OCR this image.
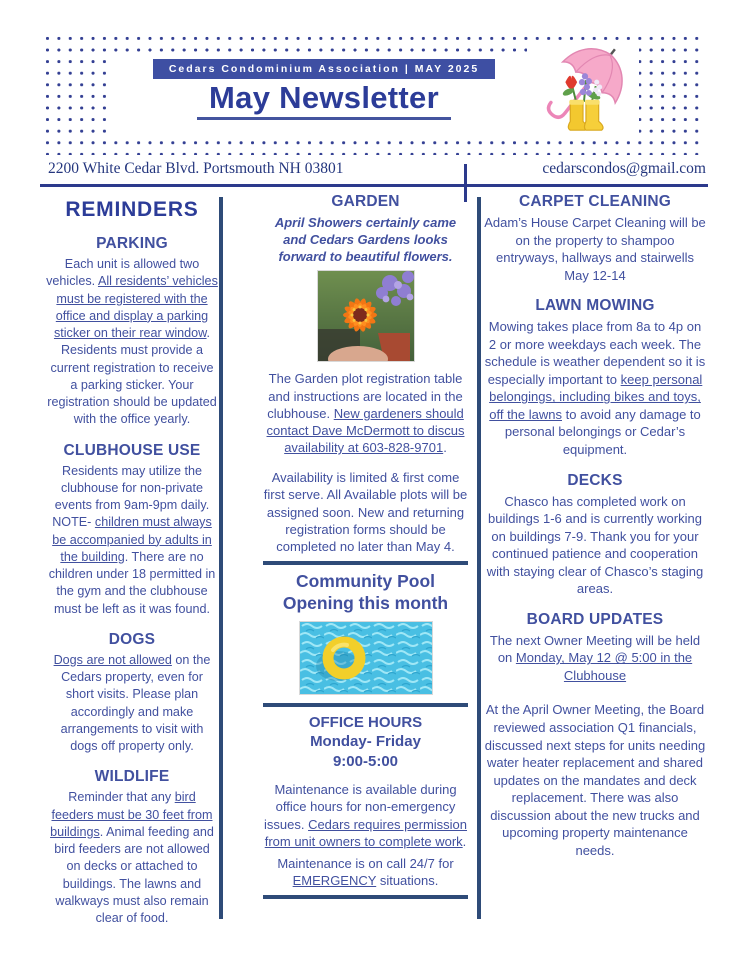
Cedars Condominium Association | MAY 2025
May Newsletter
2200 White Cedar Blvd. Portsmouth NH 03801	cedarscondos@gmail.com
REMINDERS
PARKING

Each unit is allowed two vehicles. All residents’ vehicles must be registered with the office and display a parking sticker on their rear window. Residents must provide a current registration to receive a parking sticker. Your registration should be updated with the office yearly.

CLUBHOUSE USE

Residents may utilize the clubhouse for non-private events from 9am-9pm daily. NOTE- children must always be accompanied by adults in the building. There are no children under 18 permitted in the gym and the clubhouse must be left as it was found.

DOGS

Dogs are not allowed on the Cedars property, even for short visits. Please plan accordingly and make arrangements to visit with dogs off property only.

WILDLIFE

Reminder that any bird feeders must be 30 feet from buildings. Animal feeding and bird feeders are not allowed on decks or attached to buildings. The lawns and walkways must also remain clear of food.

GARDEN

April Showers certainly came and Cedars Gardens looks forward to beautiful flowers.

The Garden plot registration table and instructions are located in the clubhouse. New gardeners should contact Dave McDermott to discus availability at 603-828-9701.

Availability is limited & first come first serve. All Available plots will be assigned soon. New and returning registration forms should be completed no later than May 4.

Community Pool
Opening this month
OFFICE HOURS
Monday- Friday
9:00-5:00

Maintenance is available during office hours for non-emergency issues. Cedars requires permission from unit owners to complete work.

Maintenance is on call 24/7 for EMERGENCY situations.

CARPET CLEANING

Adam’s House Carpet Cleaning will be on the property to shampoo entryways, hallways and stairwells May 12-14

LAWN MOWING

Mowing takes place from 8a to 4p on 2 or more weekdays each week. The schedule is weather dependent so it is especially important to keep personal belongings, including bikes and toys, off the lawns to avoid any damage to personal belongings or Cedar’s equipment.

DECKS

Chasco has completed work on buildings 1-6 and is currently working on buildings 7-9. Thank you for your continued patience and cooperation with staying clear of Chasco’s staging areas.

BOARD UPDATES

The next Owner Meeting will be held on Monday, May 12 @ 5:00 in the Clubhouse

At the April Owner Meeting, the Board reviewed association Q1 financials, discussed next steps for units needing water heater replacement and shared updates on the mandates and deck replacement. There was also discussion about the new trucks and upcoming property maintenance needs.
